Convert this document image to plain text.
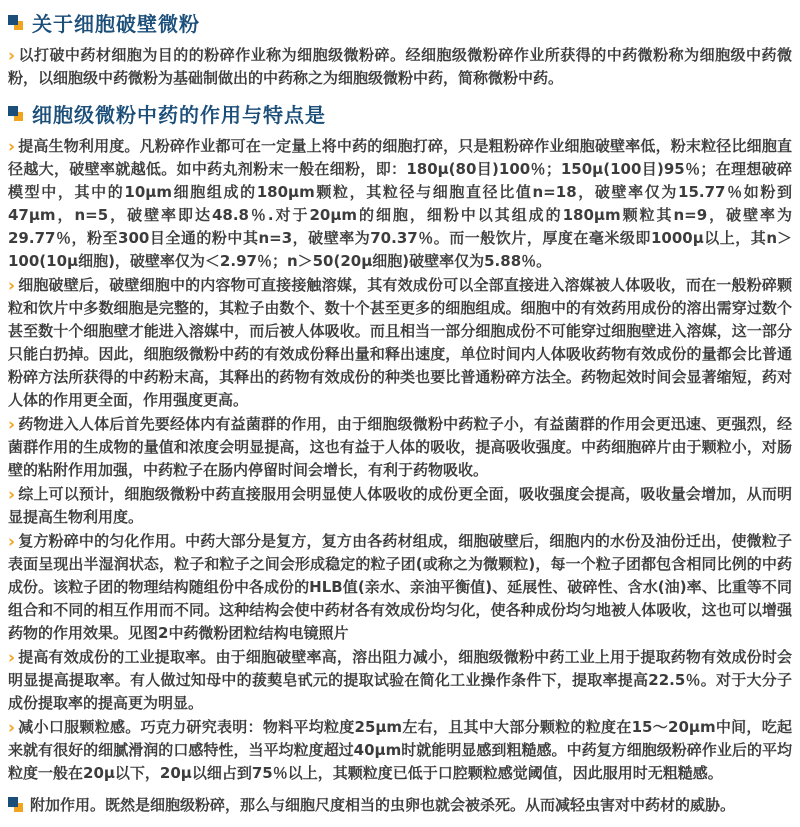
关于细胞破壁微粉

› 以打破中药材细胞为目的的粉碎作业称为细胞级微粉碎。经细胞级微粉碎作业所获得的中药微粉称为细胞级中药微粉，以细胞级中药微粉为基础制做出的中药称之为细胞级微粉中药，简称微粉中药。

细胞级微粉中药的作用与特点是

› 提高生物利用度。凡粉碎作业都可在一定量上将中药的细胞打碎，只是粗粉碎作业细胞破壁率低，粉末粒径比细胞直径越大，破壁率就越低。如中药丸剂粉末一般在细粉，即：180μ(80目)100％；150μ(100目)95％；在理想破碎模型中，其中的10μm细胞组成的180μm颗粒，其粒径与细胞直径比值n=18，破壁率仅为15.77％如粉到47μm，n=5，破壁率即达48.8％.对于20μm的细胞，细粉中以其组成的180μm颗粒其n=9，破壁率为29.77％，粉至300目全通的粉中其n=3，破壁率为70.37％。而一般饮片，厚度在毫米级即1000μ以上，其n＞100(10μ细胞)，破壁率仅为＜2.97％；n＞50(20μ细胞)破壁率仅为5.88％。

› 细胞破壁后，破壁细胞中的内容物可直接接触溶媒，其有效成份可以全部直接进入溶媒被人体吸收，而在一般粉碎颗粒和饮片中多数细胞是完整的，其粒子由数个、数十个甚至更多的细胞组成。细胞中的有效药用成份的溶出需穿过数个甚至数十个细胞壁才能进入溶媒中，而后被人体吸收。而且相当一部分细胞成份不可能穿过细胞壁进入溶媒，这一部分只能白扔掉。因此，细胞级微粉中药的有效成份释出量和释出速度，单位时间内人体吸收药物有效成份的量都会比普通粉碎方法所获得的中药粉末高，其释出的药物有效成份的种类也要比普通粉碎方法全。药物起效时间会显著缩短，药对人体的作用更全面，作用强度更高。

› 药物进入人体后首先要经体内有益菌群的作用，由于细胞级微粉中药粒子小，有益菌群的作用会更迅速、更强烈，经菌群作用的生成物的量值和浓度会明显提高，这也有益于人体的吸收，提高吸收强度。中药细胞碎片由于颗粒小，对肠壁的粘附作用加强，中药粒子在肠内停留时间会增长，有利于药物吸收。

› 综上可以预计，细胞级微粉中药直接服用会明显使人体吸收的成份更全面，吸收强度会提高，吸收量会增加，从而明显提高生物利用度。

› 复方粉碎中的匀化作用。中药大部分是复方，复方由各药材组成，细胞破壁后，细胞内的水份及油份迁出，使微粒子表面呈现出半湿润状态，粒子和粒子之间会形成稳定的粒子团(或称之为微颗粒)，每一个粒子团都包含相同比例的中药成份。该粒子团的物理结构随组份中各成份的HLB值(亲水、亲油平衡值)、延展性、破碎性、含水(油)率、比重等不同组合和不同的相互作用而不同。这种结构会使中药材各有效成份均匀化，使各种成份均匀地被人体吸收，这也可以增强药物的作用效果。见图2中药微粉团粒结构电镜照片

› 提高有效成份的工业提取率。由于细胞破壁率高，溶出阻力减小，细胞级微粉中药工业上用于提取药物有效成份时会明显提高提取率。有人做过知母中的菝葜皂甙元的提取试验在简化工业操作条件下，提取率提高22.5％。对于大分子成份提取率的提高更为明显。

› 减小口服颗粒感。巧克力研究表明：物料平均粒度25μm左右，且其中大部分颗粒的粒度在15～20μm中间，吃起来就有很好的细腻滑润的口感特性，当平均粒度超过40μm时就能明显感到粗糙感。中药复方细胞级粉碎作业后的平均粒度一般在20μ以下，20μ以细占到75％以上，其颗粒度已低于口腔颗粒感觉阈值，因此服用时无粗糙感。

附加作用。既然是细胞级粉碎，那么与细胞尺度相当的虫卵也就会被杀死。从而减轻虫害对中药材的威胁。
